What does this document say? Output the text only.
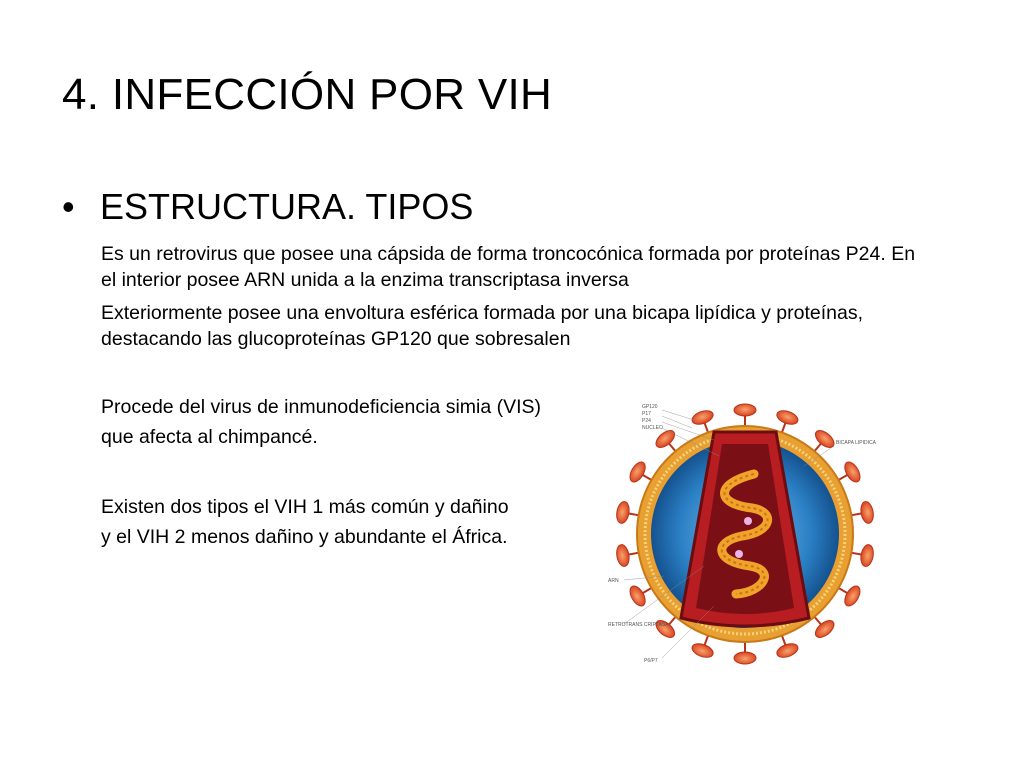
4. INFECCIÓN POR VIH
• ESTRUCTURA. TIPOS

Es un retrovirus que posee una cápsida de forma troncocónica formada por proteínas P24. En el interior posee ARN unida a la enzima transcriptasa inversa

Exteriormente posee una envoltura esférica formada por una bicapa lipídica y proteínas, destacando las glucoproteínas GP120 que sobresalen

Procede del virus de inmunodeficiencia simia (VIS)

que afecta al chimpancé.

Existen dos tipos el VIH 1 más común y dañino

y el VIH 2 menos dañino y abundante el África.

GP120
P17
P24
NUCLEO
BICAPA LIPIDICA
ARN
RETROTRANS CRIPTASA
P6/P7
